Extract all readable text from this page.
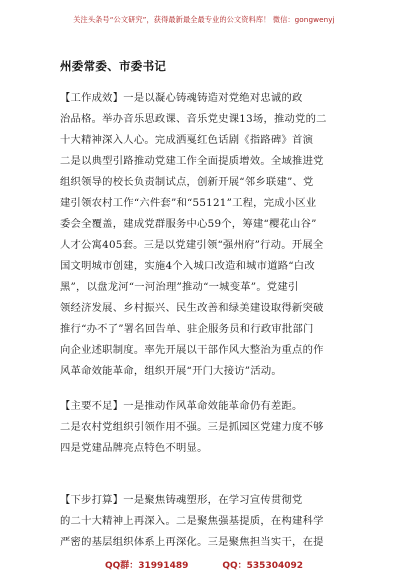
关注头条号“公文研究”，获得最新最全最专业的公文资料库！ 微信：gongwenyj
州委常委、市委书记
【工作成效】一是以凝心铸魂铸造对党绝对忠诚的政
治品格。举办音乐思政课、音乐党史课13场，推动党的二
十大精神深入人心。完成洒戛红色话剧《指路碑》首演
二是以典型引路推动党建工作全面提质增效。全域推进党
组织领导的校长负责制试点，创新开展“邻乡联建”、党
建引领农村工作“六件套”和“55121”工程，完成小区业
委会全覆盖，建成党群服务中心59个，筹建“樱花山谷”
人才公寓405套。三是以党建引领“强州府”行动。开展全
国文明城市创建，实施4个入城口改造和城市道路“白改
黑”，以盘龙河“一河治理”推动“一城变革”。党建引
领经济发展、乡村振兴、民生改善和绿美建设取得新突破
推行“办不了”署名回告单、驻企服务员和行政审批部门
向企业述职制度。率先开展以干部作风大整治为重点的作
风革命效能革命，组织开展“开门大接访”活动。
【主要不足】一是推动作风革命效能革命仍有差距。
二是农村党组织引领作用不强。三是抓园区党建力度不够
四是党建品牌亮点特色不明显。
【下步打算】一是聚焦铸魂塑形，在学习宣传贯彻党
的二十大精神上再深入。二是聚焦强基提质，在构建科学
严密的基层组织体系上再深化。三是聚焦担当实干，在提
QQ群：31991489	QQ：535304092
